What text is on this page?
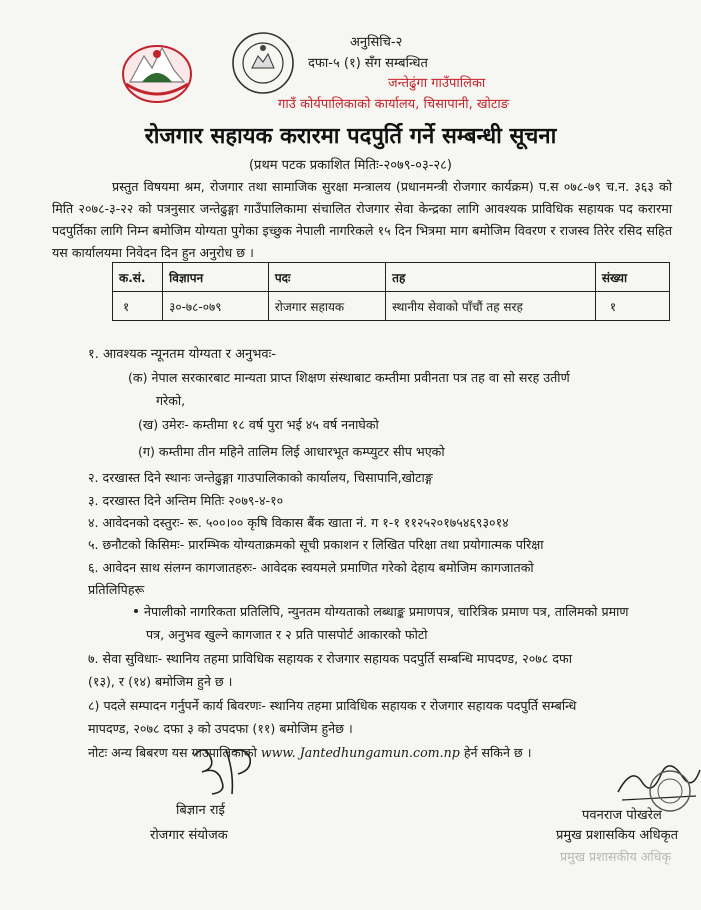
अनुसिचि-२
दफा-५ (१) सँग सम्बन्धित
जन्तेढुंगा गाउँपालिका
गाउँ कोर्यपालिकाको कार्यालय, चिसापानी, खोटाङ
रोजगार सहायक करारमा पदपुर्ति गर्ने सम्बन्धी सूचना
(प्रथम पटक प्रकाशित मितिः-२०७९-०३-२८)
प्रस्तुत विषयमा श्रम, रोजगार तथा सामाजिक सुरक्षा मन्त्रालय (प्रधानमन्त्री रोजगार कार्यक्रम) प.स ०७८-७९ च.न. ३६३ को मिति २०७८-३-२२ को पत्रनुसार जन्तेढुङ्गा गाउँपालिकामा संचालित रोजगार सेवा केन्द्रका लागि आवश्यक प्राविधिक सहायक पद करारमा पदपुर्तिका लागि निम्न बमोजिम योग्यता पुगेका इच्छुक नेपाली नागरिकले १५ दिन भित्रमा माग बमोजिम विवरण र राजस्व तिरेर रसिद सहित यस कार्यालयमा निवेदन दिन हुन अनुरोध छ ।
क.सं.	विज्ञापन	पदः	तह	संख्या
१	३०-७८-०७९	रोजगार सहायक	स्थानीय सेवाको पाँचौं तह सरह	१
१. आवश्यक न्यूनतम योग्यता र अनुभवः-
(क) नेपाल सरकारबाट मान्यता प्राप्त शिक्षण संस्थाबाट कम्तीमा प्रवीनता पत्र तह वा सो सरह उतीर्ण
गरेको,
(ख) उमेरः- कम्तीमा १८ वर्ष पुरा भई ४५ वर्ष ननाघेको
(ग) कम्तीमा तीन महिने तालिम लिई आधारभूत कम्प्युटर सीप भएको
२. दरखास्त दिने स्थानः जन्तेढुङ्गा गाउपालिकाको कार्यालय, चिसापानि,खोटाङ्ग
३. दरखास्त दिने अन्तिम मितिः २०७९-४-१०
४. आवेदनको दस्तुरः- रू. ५००।०० कृषि विकास बैंक खाता नं. ग १-१ ११२५२०१७५४६९३०१४
५. छनौटको किसिमः- प्रारम्भिक योग्यताक्रमको सूची प्रकाशन र लिखित परिक्षा तथा प्रयोगात्मक परिक्षा
६. आवेदन साथ संलग्न कागजातहरुः- आवेदक स्वयमले प्रमाणित गरेको देहाय बमोजिम कागजातको
प्रतिलिपिहरू
नेपालीको नागरिकता प्रतिलिपि, न्युनतम योग्यताको लब्धाङ्क प्रमाणपत्र, चारित्रिक प्रमाण पत्र, तालिमको प्रमाण
पत्र, अनुभव खुल्ने कागजात र २ प्रति पासपोर्ट आकारको फोटो
७. सेवा सुविधाः- स्थानिय तहमा प्राविधिक सहायक र रोजगार सहायक पदपुर्ति सम्बन्धि मापदण्ड, २०७८ दफा
(१३), र (१४) बमोजिम हुने छ ।
८) पदले सम्पादन गर्नुपर्ने कार्य बिवरणः- स्थानिय तहमा प्राविधिक सहायक र रोजगार सहायक पदपुर्ति सम्बन्धि
मापदण्ड, २०७८ दफा ३ को उपदफा (११) बमोजिम हुनेछ ।
नोटः अन्य बिबरण यस गाउपालिकाको www. Jantedhungamun.com.np हेर्न सकिने छ ।
बिज्ञान राई
रोजगार संयोजक
पवनराज पोखरेल
प्रमुख प्रशासकिय अधिकृत
प्रमुख प्रशासकीय अधिकृ
